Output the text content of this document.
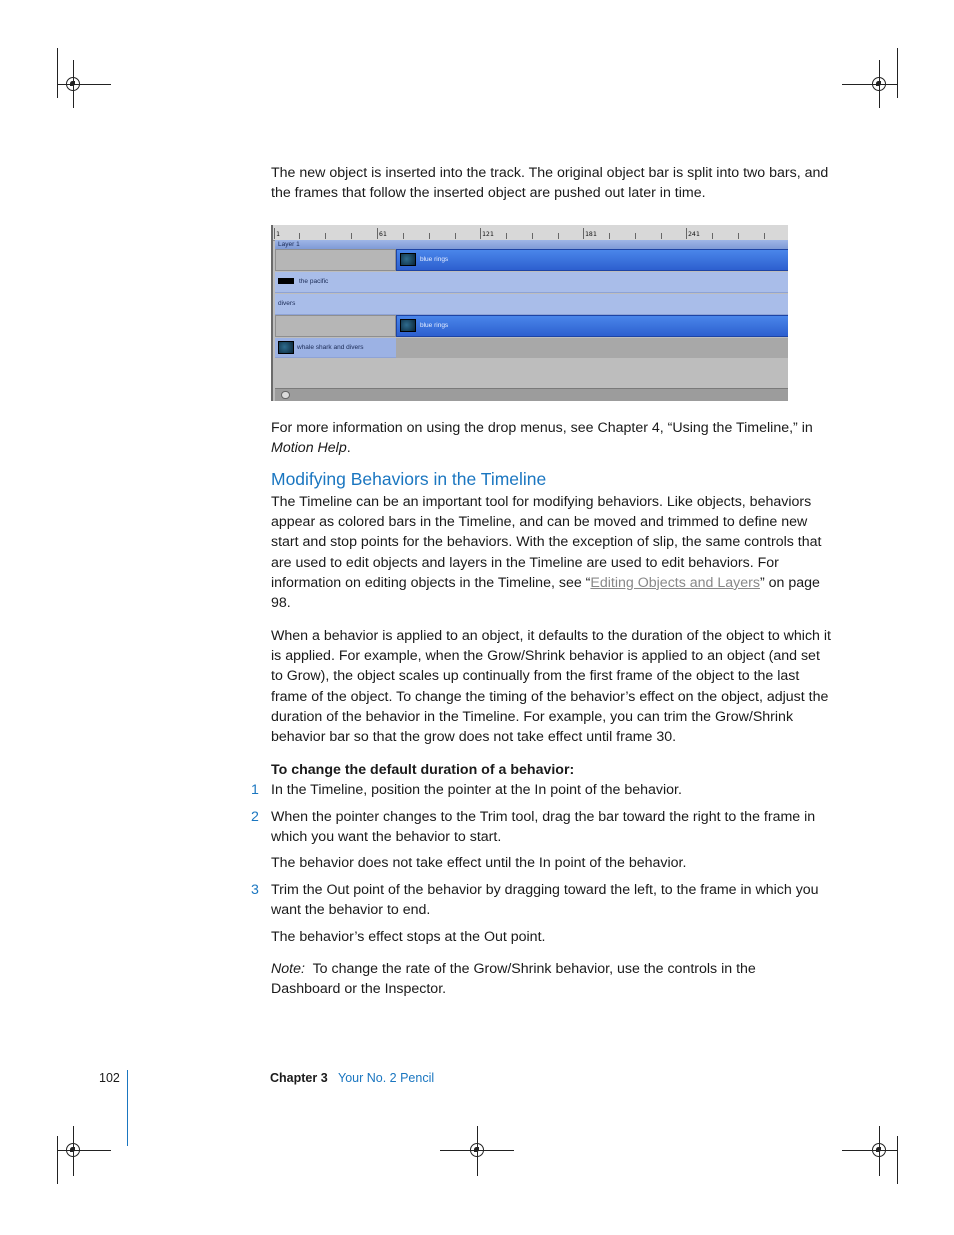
The new object is inserted into the track. The original object bar is split into two bars, and the frames that follow the inserted object are pushed out later in time.

1	61	121	181	241
Layer 1
blue rings
the pacific
divers
blue rings
whale shark and divers

For more information on using the drop menus, see Chapter 4, “Using the Timeline,” in Motion Help.

Modifying Behaviors in the Timeline

The Timeline can be an important tool for modifying behaviors. Like objects, behaviors appear as colored bars in the Timeline, and can be moved and trimmed to define new start and stop points for the behaviors. With the exception of slip, the same controls that are used to edit objects and layers in the Timeline are used to edit behaviors. For information on editing objects in the Timeline, see “Editing Objects and Layers” on page 98.

When a behavior is applied to an object, it defaults to the duration of the object to which it is applied. For example, when the Grow/Shrink behavior is applied to an object (and set to Grow), the object scales up continually from the first frame of the object to the last frame of the object. To change the timing of the behavior’s effect on the object, adjust the duration of the behavior in the Timeline. For example, you can trim the Grow/Shrink behavior bar so that the grow does not take effect until frame 30.

To change the default duration of a behavior:

1 In the Timeline, position the pointer at the In point of the behavior.

2 When the pointer changes to the Trim tool, drag the bar toward the right to the frame in which you want the behavior to start.

The behavior does not take effect until the In point of the behavior.

3 Trim the Out point of the behavior by dragging toward the left, to the frame in which you want the behavior to end.

The behavior’s effect stops at the Out point.

Note: To change the rate of the Grow/Shrink behavior, use the controls in the Dashboard or the Inspector.

102	Chapter 3 Your No. 2 Pencil
